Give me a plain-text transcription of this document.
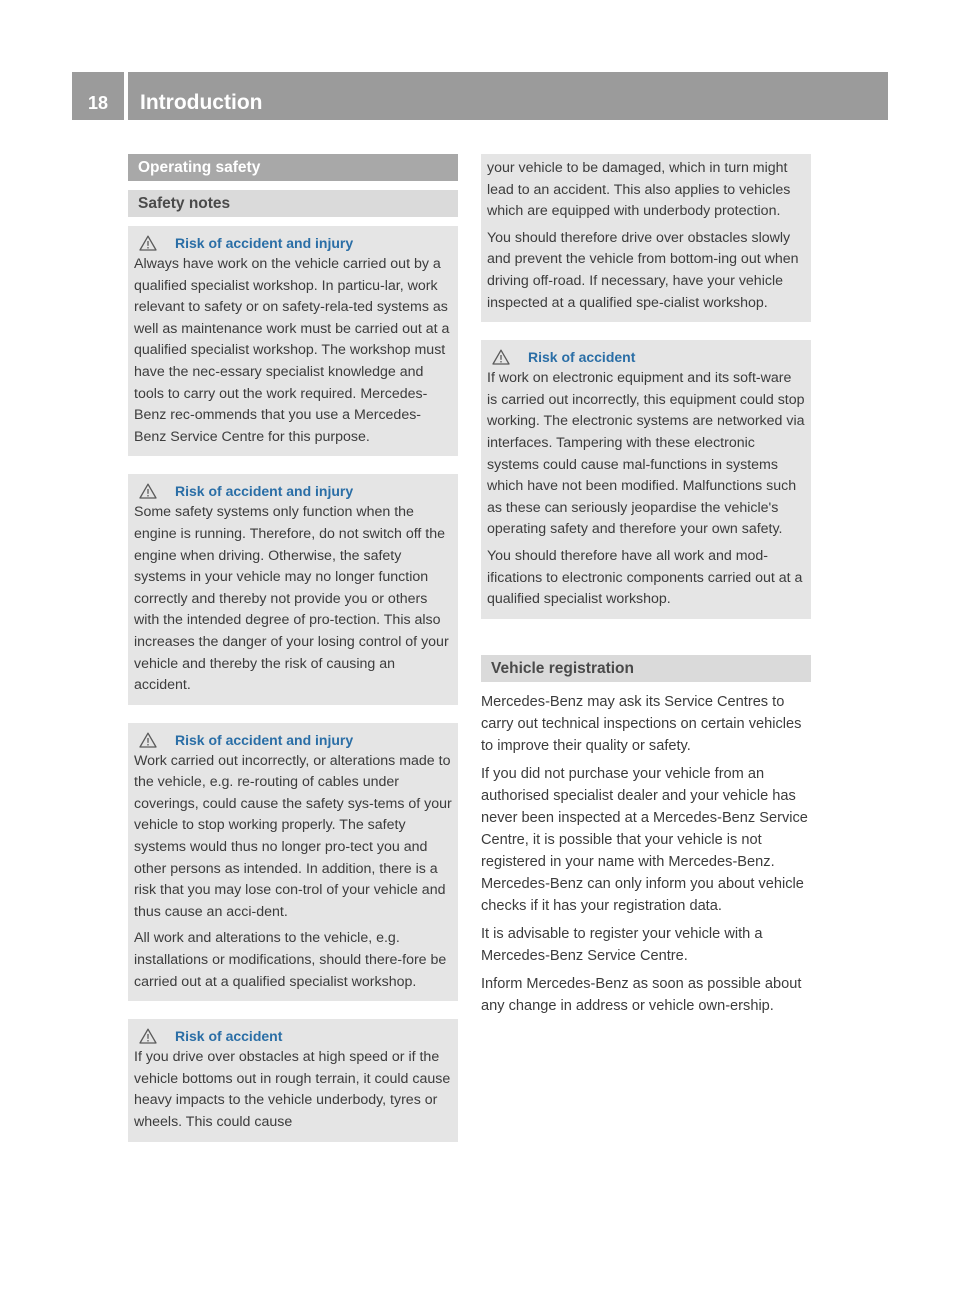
18	Introduction
Operating safety
Safety notes
Risk of accident and injury

Always have work on the vehicle carried out by a qualified specialist workshop. In particu-lar, work relevant to safety or on safety-rela-ted systems as well as maintenance work must be carried out at a qualified specialist workshop. The workshop must have the nec-essary specialist knowledge and tools to carry out the work required. Mercedes-Benz rec-ommends that you use a Mercedes-Benz Service Centre for this purpose.

Risk of accident and injury

Some safety systems only function when the engine is running. Therefore, do not switch off the engine when driving. Otherwise, the safety systems in your vehicle may no longer function correctly and thereby not provide you or others with the intended degree of pro-tection. This also increases the danger of your losing control of your vehicle and thereby the risk of causing an accident.

Risk of accident and injury

Work carried out incorrectly, or alterations made to the vehicle, e.g. re-routing of cables under coverings, could cause the safety sys-tems of your vehicle to stop working properly. The safety systems would thus no longer pro-tect you and other persons as intended. In addition, there is a risk that you may lose con-trol of your vehicle and thus cause an acci-dent.

All work and alterations to the vehicle, e.g. installations or modifications, should there-fore be carried out at a qualified specialist workshop.

Risk of accident

If you drive over obstacles at high speed or if the vehicle bottoms out in rough terrain, it could cause heavy impacts to the vehicle underbody, tyres or wheels. This could cause

your vehicle to be damaged, which in turn might lead to an accident. This also applies to vehicles which are equipped with underbody protection.

You should therefore drive over obstacles slowly and prevent the vehicle from bottom-ing out when driving off-road. If necessary, have your vehicle inspected at a qualified spe-cialist workshop.

Risk of accident

If work on electronic equipment and its soft-ware is carried out incorrectly, this equipment could stop working. The electronic systems are networked via interfaces. Tampering with these electronic systems could cause mal-functions in systems which have not been modified. Malfunctions such as these can seriously jeopardise the vehicle's operating safety and therefore your own safety.

You should therefore have all work and mod-ifications to electronic components carried out at a qualified specialist workshop.

Vehicle registration

Mercedes-Benz may ask its Service Centres to carry out technical inspections on certain vehicles to improve their quality or safety.

If you did not purchase your vehicle from an authorised specialist dealer and your vehicle has never been inspected at a Mercedes-Benz Service Centre, it is possible that your vehicle is not registered in your name with Mercedes-Benz. Mercedes-Benz can only inform you about vehicle checks if it has your registration data.

It is advisable to register your vehicle with a Mercedes-Benz Service Centre.

Inform Mercedes-Benz as soon as possible about any change in address or vehicle own-ership.
